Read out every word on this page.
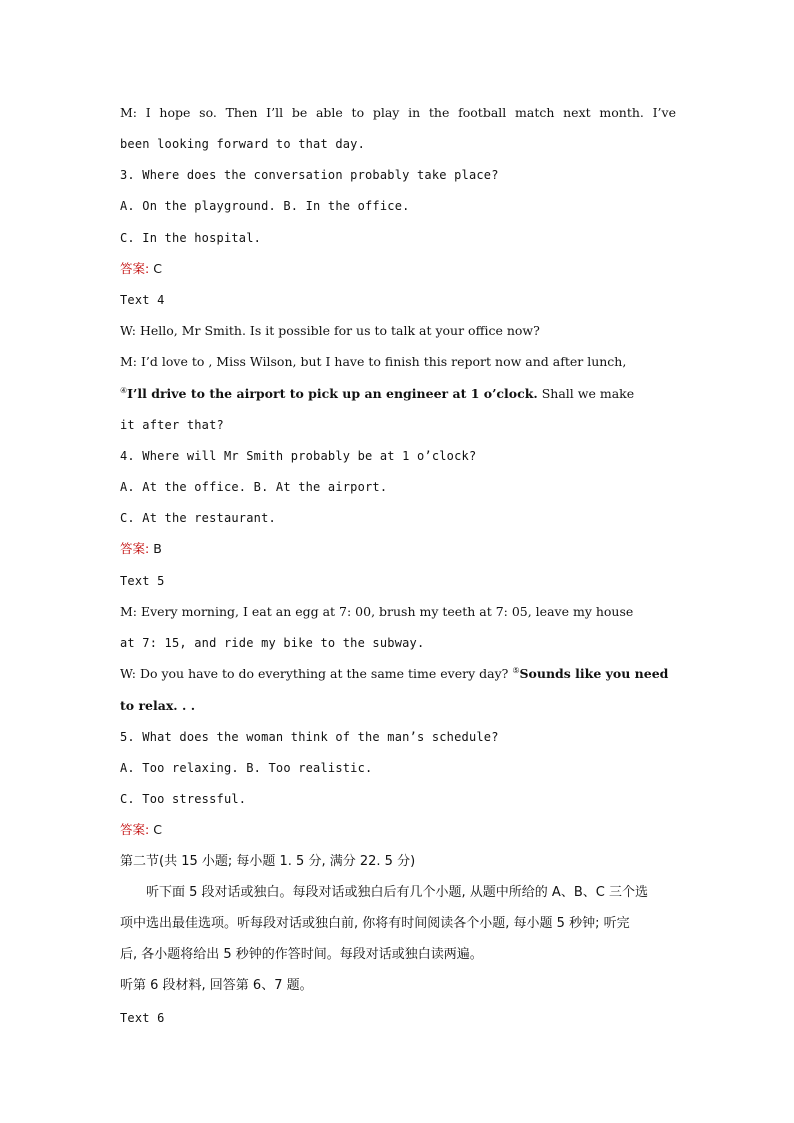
M: I hope so. Then I’ll be able to play in the football match next month. I’ve
been looking forward to that day.
3. Where does the conversation probably take place?
A. On the playground. B. In the office.
C. In the hospital.
答案: C
Text 4
W: Hello, Mr Smith. Is it possible for us to talk at your office now?
M: I’d love to , Miss Wilson, but I have to finish this report now and after lunch,
④I’ll drive to the airport to pick up an engineer at 1 o’clock. Shall we make
it after that?
4. Where will Mr Smith probably be at 1 o’clock?
A. At the office. B. At the airport.
C. At the restaurant.
答案: B
Text 5
M: Every morning, I eat an egg at 7: 00, brush my teeth at 7: 05, leave my house
at 7: 15, and ride my bike to the subway.
W: Do you have to do everything at the same time every day? ⑤Sounds like you need
to relax. . .
5. What does the woman think of the man’s schedule?
A. Too relaxing. B. Too realistic.
C. Too stressful.
答案: C
第二节(共 15 小题; 每小题 1. 5 分, 满分 22. 5 分)
听下面 5 段对话或独白。每段对话或独白后有几个小题, 从题中所给的 A、B、C 三个选
项中选出最佳选项。听每段对话或独白前, 你将有时间阅读各个小题, 每小题 5 秒钟; 听完
后, 各小题将给出 5 秒钟的作答时间。每段对话或独白读两遍。
听第 6 段材料, 回答第 6、7 题。
Text 6
